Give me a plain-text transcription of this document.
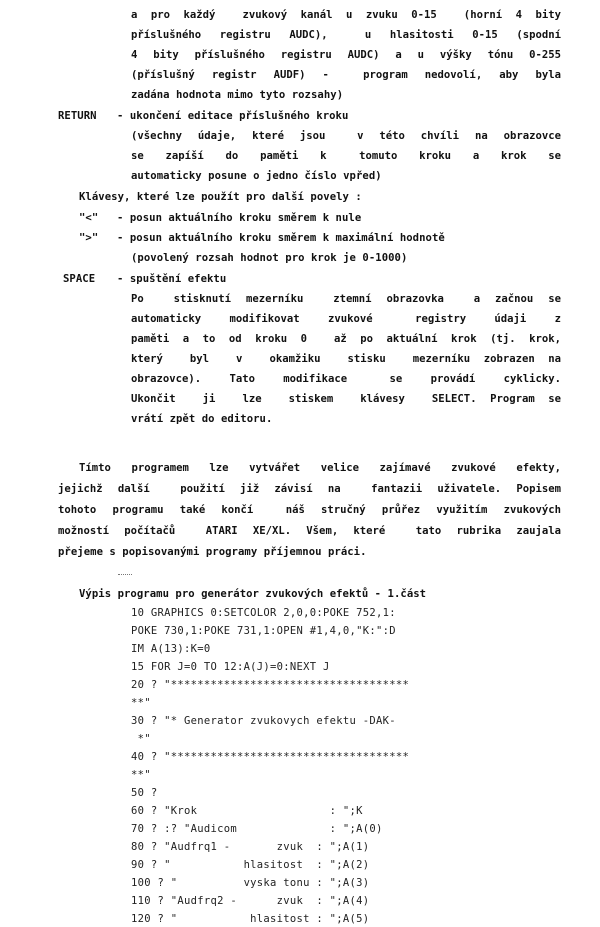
a pro každý  zvukový kanál u zvuku 0-15  (horní 4 bity
příslušného registru AUDC),  u hlasitosti 0-15 (spodní
4 bity příslušného registru AUDC) a u výšky tónu 0-255
(příslušný registr AUDF) -  program nedovolí, aby byla
zadána hodnota mimo tyto rozsahy)
RETURN - ukončení editace příslušného kroku
(všechny údaje, které jsou  v této chvíli na obrazovce
se  zapíší  do  paměti  k   tomuto  kroku  a  krok  se
automaticky posune o jedno číslo vpřed)
Klávesy, které lze použít pro další povely :
"<" - posun aktuálního kroku směrem k nule
">" - posun aktuálního kroku směrem k maximální hodnotě
(povolený rozsah hodnot pro krok je 0-1000)
SPACE - spuštění efektu
Po  stisknutí mezerníku  ztemní obrazovka  a začnou se
automaticky  modifikovat  zvukové   registry  údaji  z
paměti a to od kroku 0  až po aktuální krok (tj. krok,
který  byl  v  okamžiku  stisku  mezerníku zobrazen na
obrazovce).  Tato  modifikace   se  provádí  cyklicky.
Ukončit  ji  lze  stiskem  klávesy  SELECT. Program se
vrátí zpět do editoru.
Tímto programem lze vytvářet velice zajímavé zvukové efekty,
jejichž další  použití již závisí na  fantazii uživatele. Popisem
tohoto programu také končí  náš stručný průřez využitím zvukových
možností počítačů  ATARI XE/XL. Všem, které  tato rubrika zaujala
přejeme s popisovanými programy příjemnou práci.
Výpis programu pro generátor zvukových efektů - 1.část
10 GRAPHICS 0:SETCOLOR 2,0,0:POKE 752,1:
POKE 730,1:POKE 731,1:OPEN #1,4,0,"K:":D
IM A(13):K=0
15 FOR J=0 TO 12:A(J)=0:NEXT J
20 ? "************************************
**"
30 ? "* Generator zvukovych efektu -DAK-
*"
40 ? "************************************
**"
50 ?
60 ? "Krok                    : ";K
70 ? :? "Audicom              : ";A(0)
80 ? "Audfrq1 -       zvuk  : ";A(1)
90 ? "           hlasitost  : ";A(2)
100 ? "          vyska tonu : ";A(3)
110 ? "Audfrq2 -      zvuk  : ";A(4)
120 ? "           hlasitost : ";A(5)
